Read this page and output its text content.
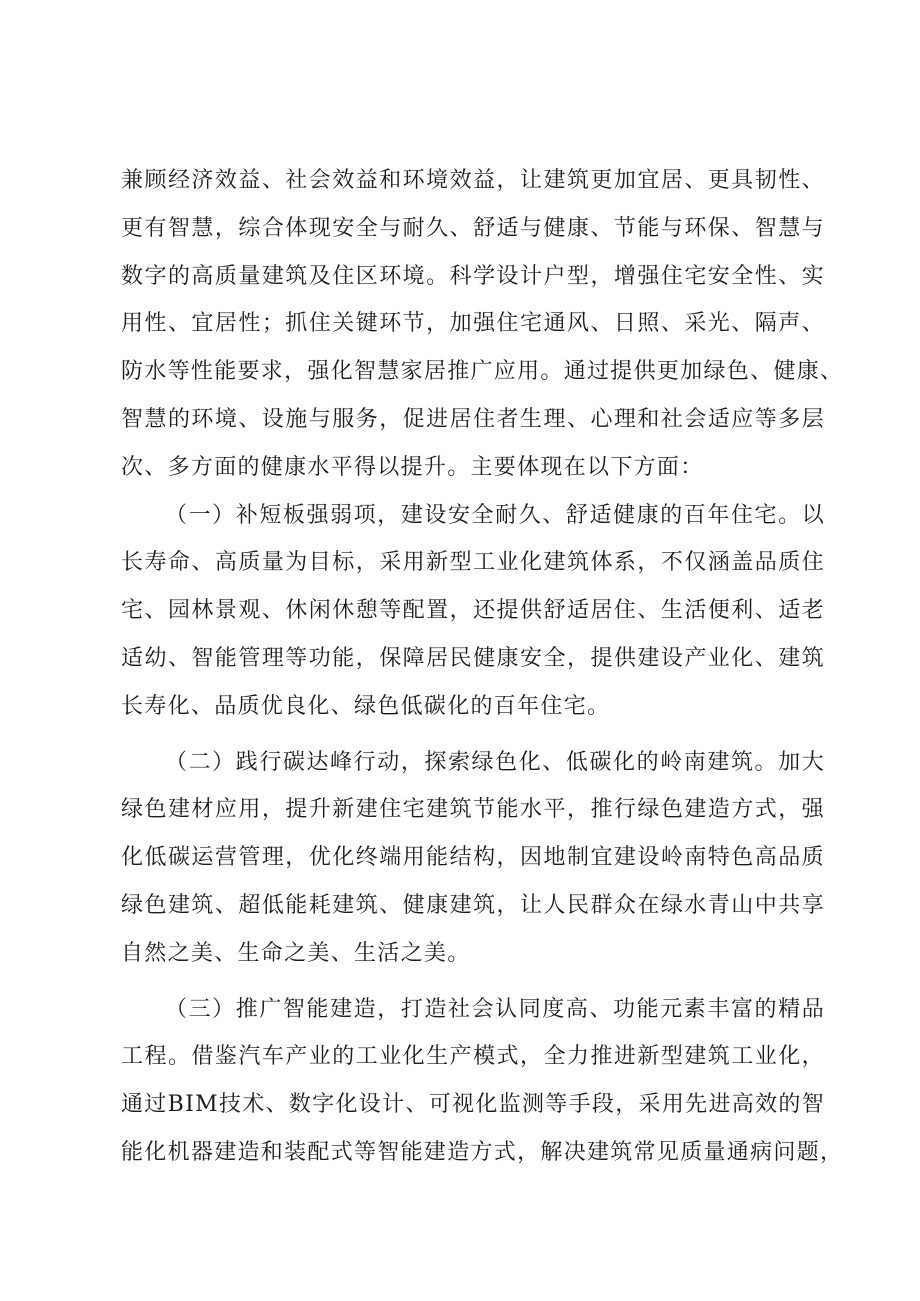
兼顾经济效益、社会效益和环境效益，让建筑更加宜居、更具韧性、
更有智慧，综合体现安全与耐久、舒适与健康、节能与环保、智慧与
数字的高质量建筑及住区环境。科学设计户型，增强住宅安全性、实
用性、宜居性；抓住关键环节，加强住宅通风、日照、采光、隔声、
防水等性能要求，强化智慧家居推广应用。通过提供更加绿色、健康、
智慧的环境、设施与服务，促进居住者生理、心理和社会适应等多层
次、多方面的健康水平得以提升。主要体现在以下方面：
（一）补短板强弱项，建设安全耐久、舒适健康的百年住宅。以
长寿命、高质量为目标，采用新型工业化建筑体系，不仅涵盖品质住
宅、园林景观、休闲休憩等配置，还提供舒适居住、生活便利、适老
适幼、智能管理等功能，保障居民健康安全，提供建设产业化、建筑
长寿化、品质优良化、绿色低碳化的百年住宅。
（二）践行碳达峰行动，探索绿色化、低碳化的岭南建筑。加大
绿色建材应用，提升新建住宅建筑节能水平，推行绿色建造方式，强
化低碳运营管理，优化终端用能结构，因地制宜建设岭南特色高品质
绿色建筑、超低能耗建筑、健康建筑，让人民群众在绿水青山中共享
自然之美、生命之美、生活之美。
（三）推广智能建造，打造社会认同度高、功能元素丰富的精品
工程。借鉴汽车产业的工业化生产模式，全力推进新型建筑工业化，
通过BIM技术、数字化设计、可视化监测等手段，采用先进高效的智
能化机器建造和装配式等智能建造方式，解决建筑常见质量通病问题，
